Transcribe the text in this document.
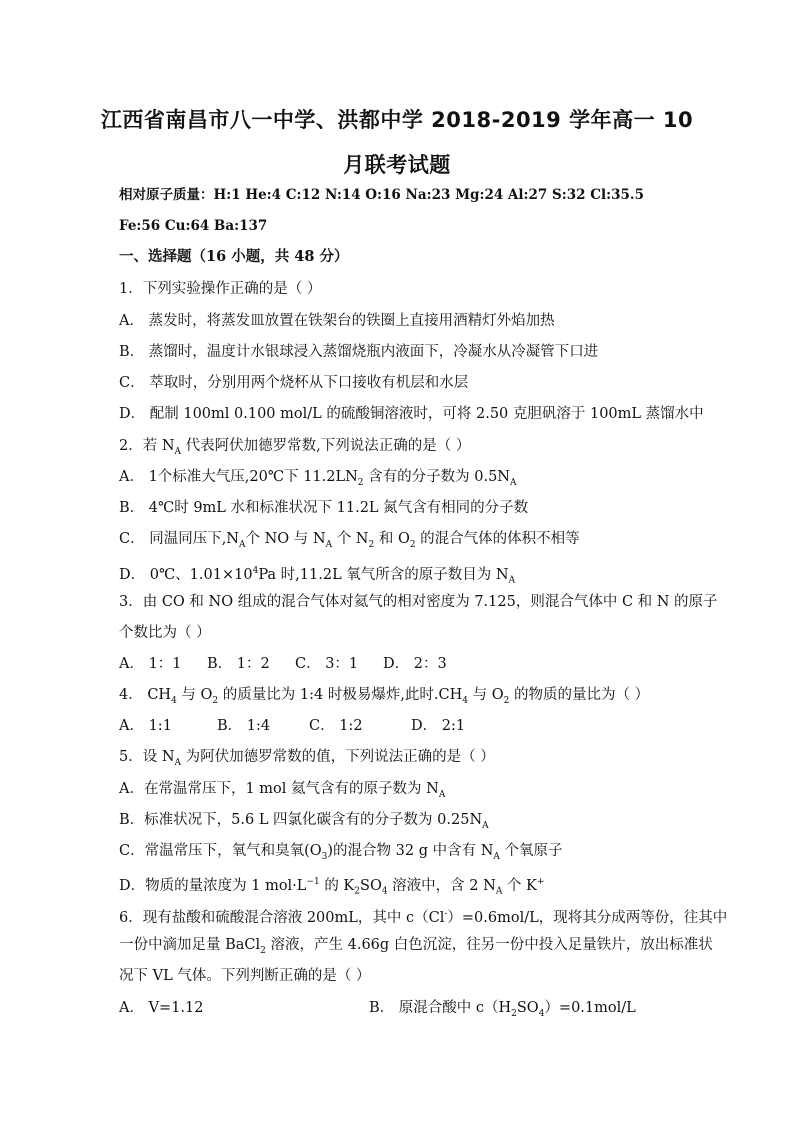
江西省南昌市八一中学、洪都中学 2018-2019 学年高一 10
月联考试题
相对原子质量：H:1 He:4 C:12 N:14 O:16 Na:23 Mg:24 Al:27 S:32 Cl:35.5
Fe:56 Cu:64 Ba:137
一、选择题（16 小题，共 48 分）
1．下列实验操作正确的是（ ）
A． 蒸发时，将蒸发皿放置在铁架台的铁圈上直接用酒精灯外焰加热
B． 蒸馏时，温度计水银球浸入蒸馏烧瓶内液面下，冷凝水从冷凝管下口进
C． 萃取时，分别用两个烧杯从下口接收有机层和水层
D． 配制 100ml 0.100 mol/L 的硫酸铜溶液时，可将 2.50 克胆矾溶于 100mL 蒸馏水中
2．若 $N_A$ 代表阿伏加德罗常数,下列说法正确的是（ ）
A． 1个标准大气压,20℃下 $11.2LN_2$ 含有的分子数为 $0.5N_A$
B． 4℃时 9mL 水和标准状况下 11.2L 氮气含有相同的分子数
C． 同温同压下$,N_A$个 NO 与 $N_A$ 个 $N_2$ 和 $O_2$ 的混合气体的体积不相等
D． 0℃、$1.01\times 10^4Pa$ 时,11.2L 氧气所含的原子数目为 $N_A$
3．由 CO 和 NO 组成的混合气体对氦气的相对密度为 7.125，则混合气体中 C 和 N 的原子
个数比为（ ）
A． 1：1 B． 1：2 C． 3：1 D． 2：3
4． $CH_4$ 与 $O_2$ 的质量比为 1:4 时极易爆炸,此时$.CH_4$ 与 $O_2$ 的物质的量比为（ ）
A． 1:1	B． 1:4	C． 1:2	D． 2:1
5．设 $N_A$ 为阿伏加德罗常数的值，下列说法正确的是（ ）
A．在常温常压下，1 mol 氦气含有的原子数为 $N_A$
B．标准状况下，5.6 L 四氯化碳含有的分子数为 $0.25N_A$
C．常温常压下，氧气和臭氧$(O_3)$的混合物 32 g 中含有 $N_A$ 个氧原子
D．物质的量浓度为 1 $mol\cdot L^{-1}$ 的 $K_2SO_4$ 溶液中，含 2 $N_A$ 个 K+
6．现有盐酸和硫酸混合溶液 200mL，其中 c（Cl-）=0.6mol/L，现将其分成两等份，往其中
一份中滴加足量 BaCl$_2$ 溶液，产生 4.66g 白色沉淀，往另一份中投入足量铁片，放出标准状
况下 VL 气体。下列判断正确的是（ ）
A． V=1.12	B． 原混合酸中 $c(H_2SO_4)=0.1mol/L$
